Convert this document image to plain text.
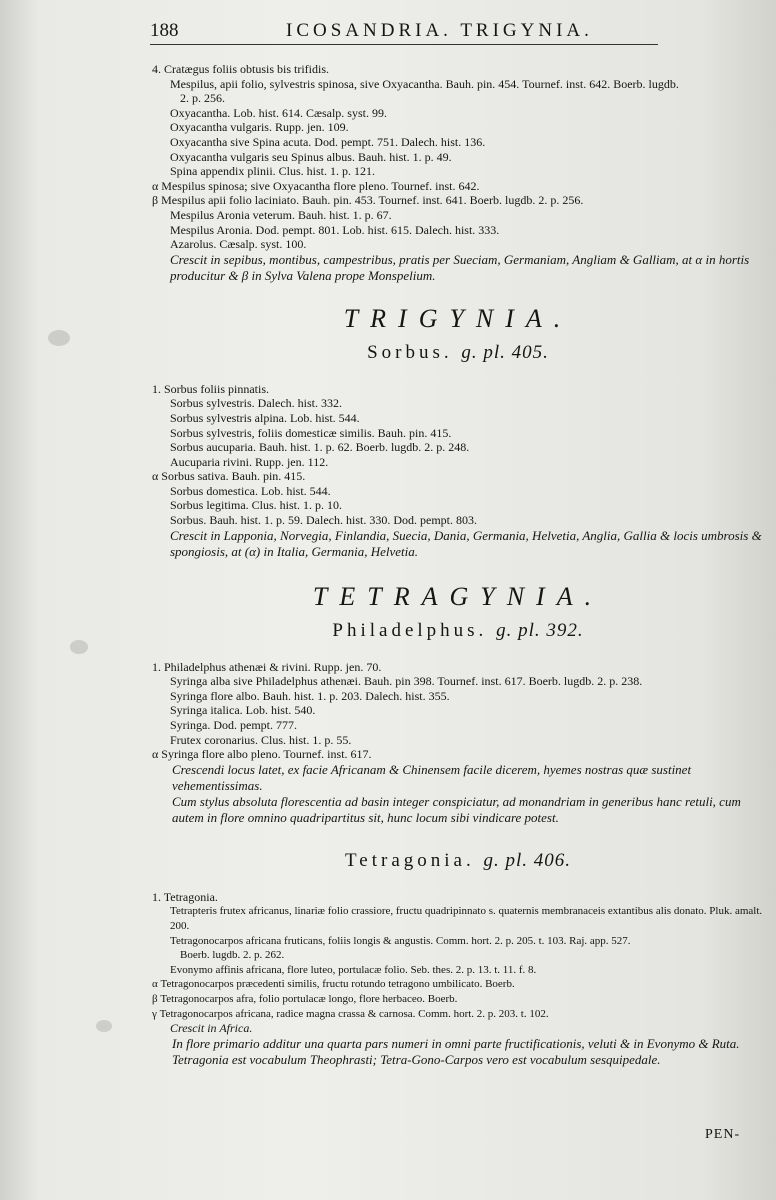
188	ICOSANDRIA. TRIGYNIA.
4. Cratægus foliis obtusis bis trifidis.
Mespilus, apii folio, sylvestris spinosa, sive Oxyacantha. Bauh. pin. 454. Tournef. inst. 642. Boerb. lugdb.
2. p. 256.
Oxyacantha. Lob. hist. 614. Cæsalp. syst. 99.
Oxyacantha vulgaris. Rupp. jen. 109.
Oxyacantha sive Spina acuta. Dod. pempt. 751. Dalech. hist. 136.
Oxyacantha vulgaris seu Spinus albus. Bauh. hist. 1. p. 49.
Spina appendix plinii. Clus. hist. 1. p. 121.
α Mespilus spinosa; sive Oxyacantha flore pleno. Tournef. inst. 642.
β Mespilus apii folio laciniato. Bauh. pin. 453. Tournef. inst. 641. Boerb. lugdb. 2. p. 256.
Mespilus Aronia veterum. Bauh. hist. 1. p. 67.
Mespilus Aronia. Dod. pempt. 801. Lob. hist. 615. Dalech. hist. 333.
Azarolus. Cæsalp. syst. 100.
Crescit in sepibus, montibus, campestribus, pratis per Sueciam, Germaniam, Angliam & Galliam, at α in hortis producitur & β in Sylva Valena prope Monspelium.
TRIGYNIA.
Sorbus. g. pl. 405.
1. Sorbus foliis pinnatis.
Sorbus sylvestris. Dalech. hist. 332.
Sorbus sylvestris alpina. Lob. hist. 544.
Sorbus sylvestris, foliis domesticæ similis. Bauh. pin. 415.
Sorbus aucuparia. Bauh. hist. 1. p. 62. Boerb. lugdb. 2. p. 248.
Aucuparia rivini. Rupp. jen. 112.
α Sorbus sativa. Bauh. pin. 415.
Sorbus domestica. Lob. hist. 544.
Sorbus legitima. Clus. hist. 1. p. 10.
Sorbus. Bauh. hist. 1. p. 59. Dalech. hist. 330. Dod. pempt. 803.
Crescit in Lapponia, Norvegia, Finlandia, Suecia, Dania, Germania, Helvetia, Anglia, Gallia & locis umbrosis & spongiosis, at (α) in Italia, Germania, Helvetia.
TETRAGYNIA.
Philadelphus. g. pl. 392.
1. Philadelphus athenæi & rivini. Rupp. jen. 70.
Syringa alba sive Philadelphus athenæi. Bauh. pin 398. Tournef. inst. 617. Boerb. lugdb. 2. p. 238.
Syringa flore albo. Bauh. hist. 1. p. 203. Dalech. hist. 355.
Syringa italica. Lob. hist. 540.
Syringa. Dod. pempt. 777.
Frutex coronarius. Clus. hist. 1. p. 55.
α Syringa flore albo pleno. Tournef. inst. 617.
Crescendi locus latet, ex facie Africanam & Chinensem facile dicerem, hyemes nostras quæ sustinet vehementissimas.
Cum stylus absoluta florescentia ad basin integer conspiciatur, ad monandriam in generibus hanc retuli, cum autem in flore omnino quadripartitus sit, hunc locum sibi vindicare potest.
Tetragonia. g. pl. 406.
1. Tetragonia.
Tetrapteris frutex africanus, linariæ folio crassiore, fructu quadripinnato s. quaternis membranaceis extantibus alis donato. Pluk. amalt. 200.
Tetragonocarpos africana fruticans, foliis longis & angustis. Comm. hort. 2. p. 205. t. 103. Raj. app. 527.
Boerb. lugdb. 2. p. 262.
Evonymo affinis africana, flore luteo, portulacæ folio. Seb. thes. 2. p. 13. t. 11. f. 8.
α Tetragonocarpos præcedenti similis, fructu rotundo tetragono umbilicato. Boerb.
β Tetragonocarpos afra, folio portulacæ longo, flore herbaceo. Boerb.
γ Tetragonocarpos africana, radice magna crassa & carnosa. Comm. hort. 2. p. 203. t. 102.
Crescit in Africa.
In flore primario additur una quarta pars numeri in omni parte fructificationis, veluti & in Evonymo & Ruta.
Tetragonia est vocabulum Theophrasti; Tetra-Gono-Carpos vero est vocabulum sesquipedale.
PEN-
